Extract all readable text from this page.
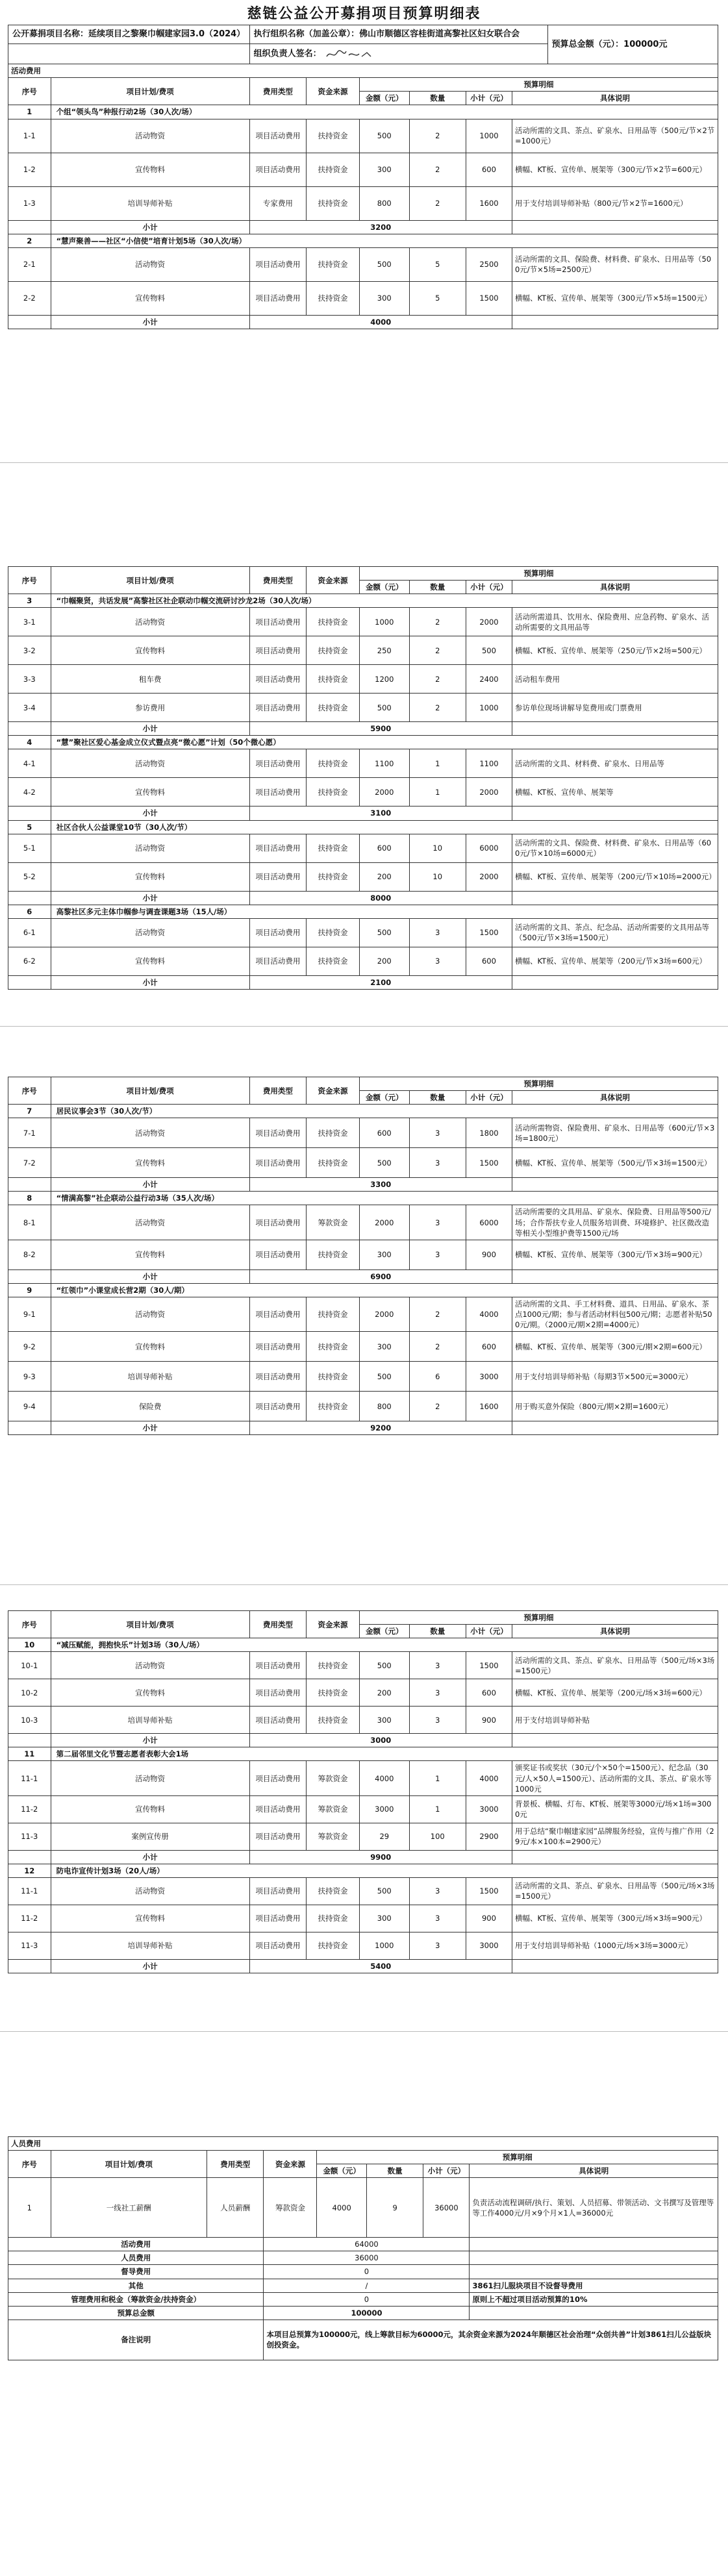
慈链公益公开募捐项目预算明细表
公开募捐项目名称：延续项目之黎聚巾帼建家园3.0（2024）	执行组织名称（加盖公章）：佛山市顺德区容桂街道高黎社区妇女联合会	预算总金额（元）：100000元
	组织负责人签名：	
活动费用							
序号	项目计划/费项	费用类型	资金来源	预算明细			
				金额（元）	数量	小计（元）	具体说明
1	个组“领头鸟”种报行动2场（30人次/场）						
1-1	活动物资	项目活动费用	扶持资金	500	2	1000	活动所需的文具、茶点、矿泉水、日用品等（500元/节×2节=1000元）
1-2	宣传物料	项目活动费用	扶持资金	300	2	600	横幅、KT板、宣传单、展架等（300元/节×2节=600元）
1-3	培训导师补贴	专家费用	扶持资金	800	2	1600	用于支付培训导师补贴（800元/节×2节=1600元）
	小计	3200					
2	“慧声聚善——社区“小信使”培育计划5场（30人次/场）						
2-1	活动物资	项目活动费用	扶持资金	500	5	2500	活动所需的文具、保险费、材料费、矿泉水、日用品等（500元/节×5场=2500元）
2-2	宣传物料	项目活动费用	扶持资金	300	5	1500	横幅、KT板、宣传单、展架等（300元/节×5场=1500元）
	小计	4000					
序号	项目计划/费项	费用类型	资金来源	预算明细			
				金额（元）	数量	小计（元）	具体说明
3	“巾帼聚贤，共话发展”高黎社区社企联动巾帼交流研讨沙龙2场（30人次/场）						
3-1	活动物资	项目活动费用	扶持资金	1000	2	2000	活动所需道具、饮用水、保险费用、应急药物、矿泉水、活动所需要的文具用品等
3-2	宣传物料	项目活动费用	扶持资金	250	2	500	横幅、KT板、宣传单、展架等（250元/节×2场=500元）
3-3	租车费	项目活动费用	扶持资金	1200	2	2400	活动租车费用
3-4	参访费用	项目活动费用	扶持资金	500	2	1000	参访单位现场讲解导览费用或门票费用
	小计	5900					
4	“慧”聚社区爱心基金成立仪式暨点亮“微心愿”计划（50个微心愿）						
4-1	活动物资	项目活动费用	扶持资金	1100	1	1100	活动所需的文具、材料费、矿泉水、日用品等
4-2	宣传物料	项目活动费用	扶持资金	2000	1	2000	横幅、KT板、宣传单、展架等
	小计	3100					
5	社区合伙人公益课堂10节（30人次/节）						
5-1	活动物资	项目活动费用	扶持资金	600	10	6000	活动所需的文具、保险费、材料费、矿泉水、日用品等（600元/节×10场=6000元）
5-2	宣传物料	项目活动费用	扶持资金	200	10	2000	横幅、KT板、宣传单、展架等（200元/节×10场=2000元）
	小计	8000					
6	高黎社区多元主体巾帼参与调查课题3场（15人/场）						
6-1	活动物资	项目活动费用	扶持资金	500	3	1500	活动所需的文具、茶点、纪念品、活动所需要的文具用品等（500元/节×3场=1500元）
6-2	宣传物料	项目活动费用	扶持资金	200	3	600	横幅、KT板、宣传单、展架等（200元/节×3场=600元）
	小计	2100					
序号	项目计划/费项	费用类型	资金来源	预算明细			
				金额（元）	数量	小计（元）	具体说明
7	居民议事会3节（30人次/节）						
7-1	活动物资	项目活动费用	扶持资金	600	3	1800	活动所需物资、保险费用、矿泉水、日用品等（600元/节×3场=1800元）
7-2	宣传物料	项目活动费用	扶持资金	500	3	1500	横幅、KT板、宣传单、展架等（500元/节×3场=1500元）
	小计	3300					
8	“情满高黎”社企联动公益行动3场（35人次/场）						
8-1	活动物资	项目活动费用	筹款资金	2000	3	6000	活动所需要的文具用品、矿泉水、保险费、日用品等500元/场；合作帮扶专业人员服务培训费、环境修护、社区微改造等相关小型维护费等1500元/场
8-2	宣传物料	项目活动费用	扶持资金	300	3	900	横幅、KT板、宣传单、展架等（300元/节×3场=900元）
	小计	6900					
9	“红领巾”小课堂成长营2期（30人/期）						
9-1	活动物资	项目活动费用	扶持资金	2000	2	4000	活动所需的文具、手工材料费、道具、日用品、矿泉水、茶点1000元/期；参与者活动材料包500元/期；志愿者补贴500元/期。（2000元/期×2期=4000元）
9-2	宣传物料	项目活动费用	扶持资金	300	2	600	横幅、KT板、宣传单、展架等（300元/期×2期=600元）
9-3	培训导师补贴	项目活动费用	扶持资金	500	6	3000	用于支付培训导师补贴（每期3节×500元=3000元）
9-4	保险费	项目活动费用	扶持资金	800	2	1600	用于购买意外保险（800元/期×2期=1600元）
	小计	9200					
序号	项目计划/费项	费用类型	资金来源	预算明细			
				金额（元）	数量	小计（元）	具体说明
10	“减压赋能，拥抱快乐”计划3场（30人/场）						
10-1	活动物资	项目活动费用	扶持资金	500	3	1500	活动所需的文具、茶点、矿泉水、日用品等（500元/场×3场=1500元）
10-2	宣传物料	项目活动费用	扶持资金	200	3	600	横幅、KT板、宣传单、展架等（200元/场×3场=600元）
10-3	培训导师补贴	项目活动费用	扶持资金	300	3	900	用于支付培训导师补贴
	小计	3000					
11	第二届邻里文化节暨志愿者表彰大会1场						
11-1	活动物资	项目活动费用	筹款资金	4000	1	4000	颁奖证书或奖状（30元/个×50个=1500元）、纪念品（30元/人×50人=1500元）、活动所需的文具、茶点、矿泉水等1000元
11-2	宣传物料	项目活动费用	筹款资金	3000	1	3000	背景板、横幅、灯布、KT板、展架等3000元/场×1场=3000元
11-3	案例宣传册	项目活动费用	筹款资金	29	100	2900	用于总结“聚巾帼建家园”品牌服务经验，宣传与推广作用（29元/本×100本=2900元）
	小计	9900					
12	防电诈宣传计划3场（20人/场）						
11-1	活动物资	项目活动费用	扶持资金	500	3	1500	活动所需的文具、茶点、矿泉水、日用品等（500元/场×3场=1500元）
11-2	宣传物料	项目活动费用	扶持资金	300	3	900	横幅、KT板、宣传单、展架等（300元/场×3场=900元）
11-3	培训导师补贴	项目活动费用	扶持资金	1000	3	3000	用于支付培训导师补贴（1000元/场×3场=3000元）
	小计	5400					
人员费用							
序号	项目计划/费项	费用类型	资金来源	预算明细			
				金额（元）	数量	小计（元）	具体说明
1	一线社工薪酬	人员薪酬	筹款资金	4000	9	36000	负责活动流程调研/执行、策划、人员招募、带领活动、文书撰写及管理等等工作4000元/月×9个月×1人=36000元
活动费用	64000	
人员费用	36000	
督导费用	0	
其他	/	3861扫儿服块项目不设督导费用
管理费用和税金（筹款资金/扶持资金）	0	原则上不超过项目活动预算的10%
预算总金额	100000	
备注说明	本项目总预算为100000元，线上筹款目标为60000元，其余资金来源为2024年顺德区社会治理“众创共善”计划3861扫儿公益版块创投资金。	
